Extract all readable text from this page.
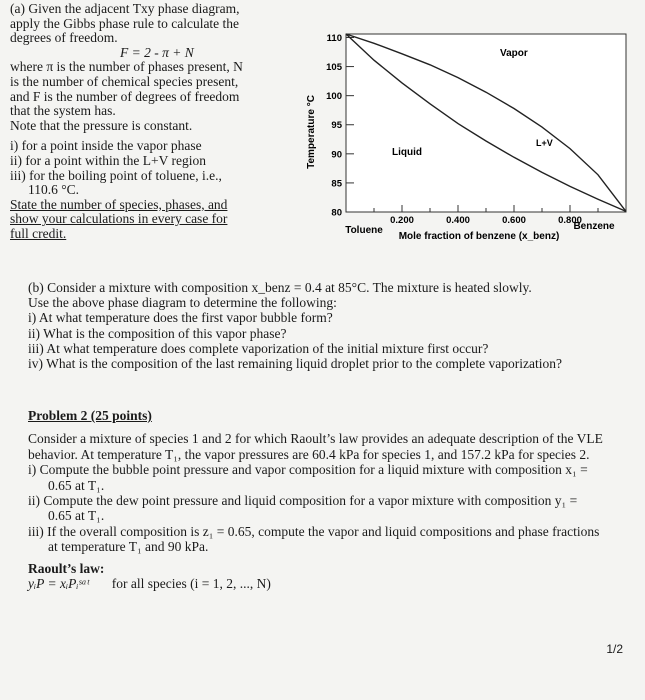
(a) Given the adjacent Txy phase diagram,
apply the Gibbs phase rule to calculate the
degrees of freedom.
F = 2 - π + N
where π is the number of phases present, N
is the number of chemical species present,
and F is the number of degrees of freedom
that the system has.
Note that the pressure is constant.
i) for a point inside the vapor phase
ii) for a point within the L+V region
iii) for the boiling point of toluene, i.e.,
110.6 °C.
State the number of species, phases, and
show your calculations in every case for
full credit.
80
85
90
95
100
105
110
0.200	0.400	0.600	0.800
Temperature °C
Toluene	Benzene
Mole fraction of benzene (x_benz)
Vapor
L+V
Liquid
(b) Consider a mixture with composition x_benz = 0.4 at 85°C. The mixture is heated slowly.
Use the above phase diagram to determine the following:
i) At what temperature does the first vapor bubble form?
ii) What is the composition of this vapor phase?
iii) At what temperature does complete vaporization of the initial mixture first occur?
iv) What is the composition of the last remaining liquid droplet prior to the complete vaporization?
Problem 2 (25 points)
Consider a mixture of species 1 and 2 for which Raoult’s law provides an adequate description of the VLE
behavior. At temperature T₁, the vapor pressures are 60.4 kPa for species 1, and 157.2 kPa for species 2.
i) Compute the bubble point pressure and vapor composition for a liquid mixture with composition x₁ =
0.65 at T₁.
ii) Compute the dew point pressure and liquid composition for a vapor mixture with composition y₁ =
0.65 at T₁.
iii) If the overall composition is z₁ = 0.65, compute the vapor and liquid compositions and phase fractions
at temperature T₁ and 90 kPa.
Raoult’s law:
yᵢP = xᵢPᵢˢᵃᵗ for all species (i = 1, 2, ..., N)
1/2
